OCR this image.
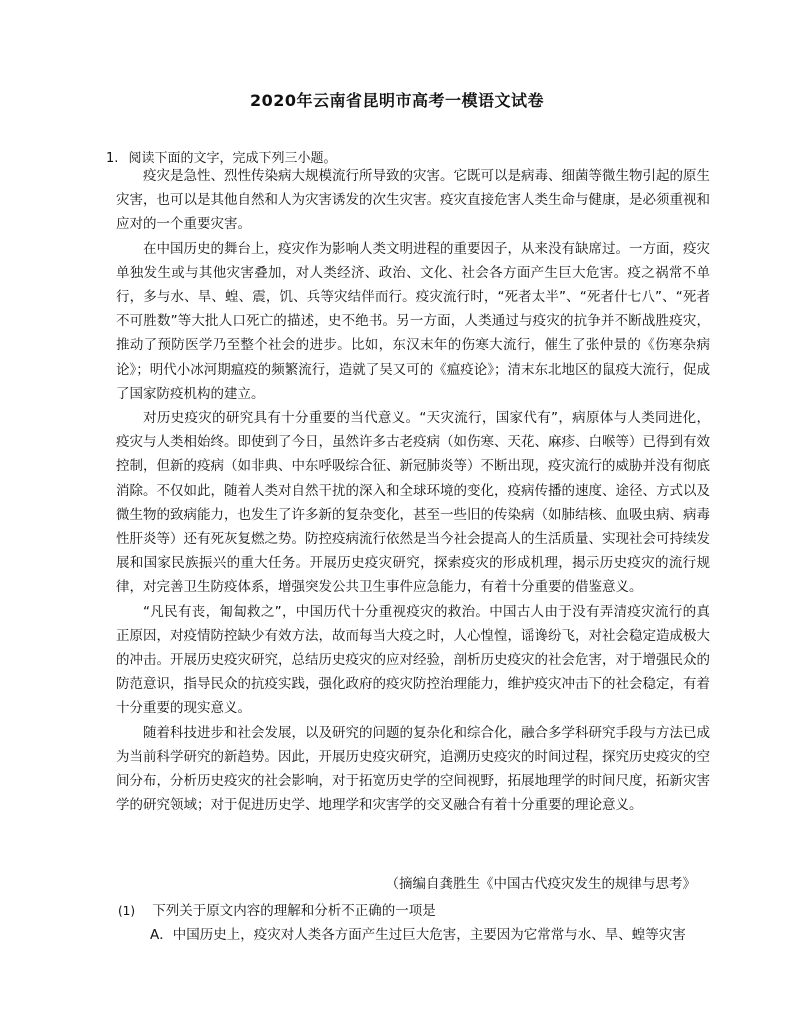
2020年云南省昆明市高考一模语文试卷
1. 阅读下面的文字，完成下列三小题。

疫灾是急性、烈性传染病大规模流行所导致的灾害。它既可以是病毒、细菌等微生物引起的原生灾害，也可以是其他自然和人为灾害诱发的次生灾害。疫灾直接危害人类生命与健康，是必须重视和应对的一个重要灾害。

在中国历史的舞台上，疫灾作为影响人类文明进程的重要因子，从来没有缺席过。一方面，疫灾单独发生或与其他灾害叠加，对人类经济、政治、文化、社会各方面产生巨大危害。疫之祸常不单行，多与水、旱、蝗、震，饥、兵等灾结伴而行。疫灾流行时，“死者太半”、“死者什七八”、“死者不可胜数”等大批人口死亡的描述，史不绝书。另一方面，人类通过与疫灾的抗争并不断战胜疫灾，推动了预防医学乃至整个社会的进步。比如，东汉末年的伤寒大流行，催生了张仲景的《伤寒杂病论》；明代小冰河期瘟疫的频繁流行，造就了吴又可的《瘟疫论》；清末东北地区的鼠疫大流行，促成了国家防疫机构的建立。

对历史疫灾的研究具有十分重要的当代意义。“天灾流行，国家代有”，病原体与人类同进化，疫灾与人类相始终。即使到了今日，虽然许多古老疫病（如伤寒、天花、麻疹、白喉等）已得到有效控制，但新的疫病（如非典、中东呼吸综合征、新冠肺炎等）不断出现，疫灾流行的威胁并没有彻底消除。不仅如此，随着人类对自然干扰的深入和全球环境的变化，疫病传播的速度、途径、方式以及微生物的致病能力，也发生了许多新的复杂变化，甚至一些旧的传染病（如肺结核、血吸虫病、病毒性肝炎等）还有死灰复燃之势。防控疫病流行依然是当今社会提高人的生活质量、实现社会可持续发展和国家民族振兴的重大任务。开展历史疫灾研究，探索疫灾的形成机理，揭示历史疫灾的流行规律，对完善卫生防疫体系，增强突发公共卫生事件应急能力，有着十分重要的借鉴意义。

“凡民有丧，匍匐救之”，中国历代十分重视疫灾的救治。中国古人由于没有弄清疫灾流行的真正原因，对疫情防控缺少有效方法，故而每当大疫之时，人心惶惶，谣谗纷飞，对社会稳定造成极大的冲击。开展历史疫灾研究，总结历史疫灾的应对经验，剖析历史疫灾的社会危害，对于增强民众的防范意识，指导民众的抗疫实践，强化政府的疫灾防控治理能力，维护疫灾冲击下的社会稳定，有着十分重要的现实意义。

随着科技进步和社会发展，以及研究的问题的复杂化和综合化，融合多学科研究手段与方法已成为当前科学研究的新趋势。因此，开展历史疫灾研究，追溯历史疫灾的时间过程，探究历史疫灾的空间分布，分析历史疫灾的社会影响，对于拓宽历史学的空间视野，拓展地理学的时间尺度，拓新灾害学的研究领域；对于促进历史学、地理学和灾害学的交叉融合有着十分重要的理论意义。

（摘编自龚胜生《中国古代疫灾发生的规律与思考》
(1) 下列关于原文内容的理解和分析不正确的一项是
A．中国历史上，疫灾对人类各方面产生过巨大危害，主要因为它常常与水、旱、蝗等灾害
